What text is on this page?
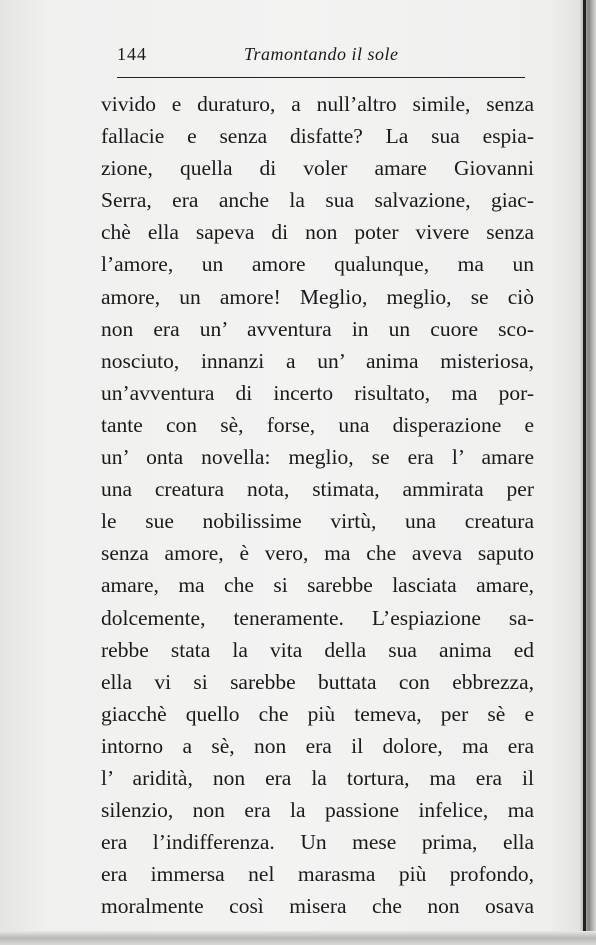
144	Tramontando il sole
vivido e duraturo, a null’altro simile, senza
fallacie e senza disfatte? La sua espia-
zione, quella di voler amare Giovanni
Serra, era anche la sua salvazione, giac-
chè ella sapeva di non poter vivere senza
l’amore, un amore qualunque, ma un
amore, un amore! Meglio, meglio, se ciò
non era un’ avventura in un cuore sco-
nosciuto, innanzi a un’ anima misteriosa,
un’avventura di incerto risultato, ma por-
tante con sè, forse, una disperazione e
un’ onta novella: meglio, se era l’ amare
una creatura nota, stimata, ammirata per
le sue nobilissime virtù, una creatura
senza amore, è vero, ma che aveva saputo
amare, ma che si sarebbe lasciata amare,
dolcemente, teneramente. L’espiazione sa-
rebbe stata la vita della sua anima ed
ella vi si sarebbe buttata con ebbrezza,
giacchè quello che più temeva, per sè e
intorno a sè, non era il dolore, ma era
l’ aridità, non era la tortura, ma era il
silenzio, non era la passione infelice, ma
era l’indifferenza. Un mese prima, ella
era immersa nel marasma più profondo,
moralmente così misera che non osava
